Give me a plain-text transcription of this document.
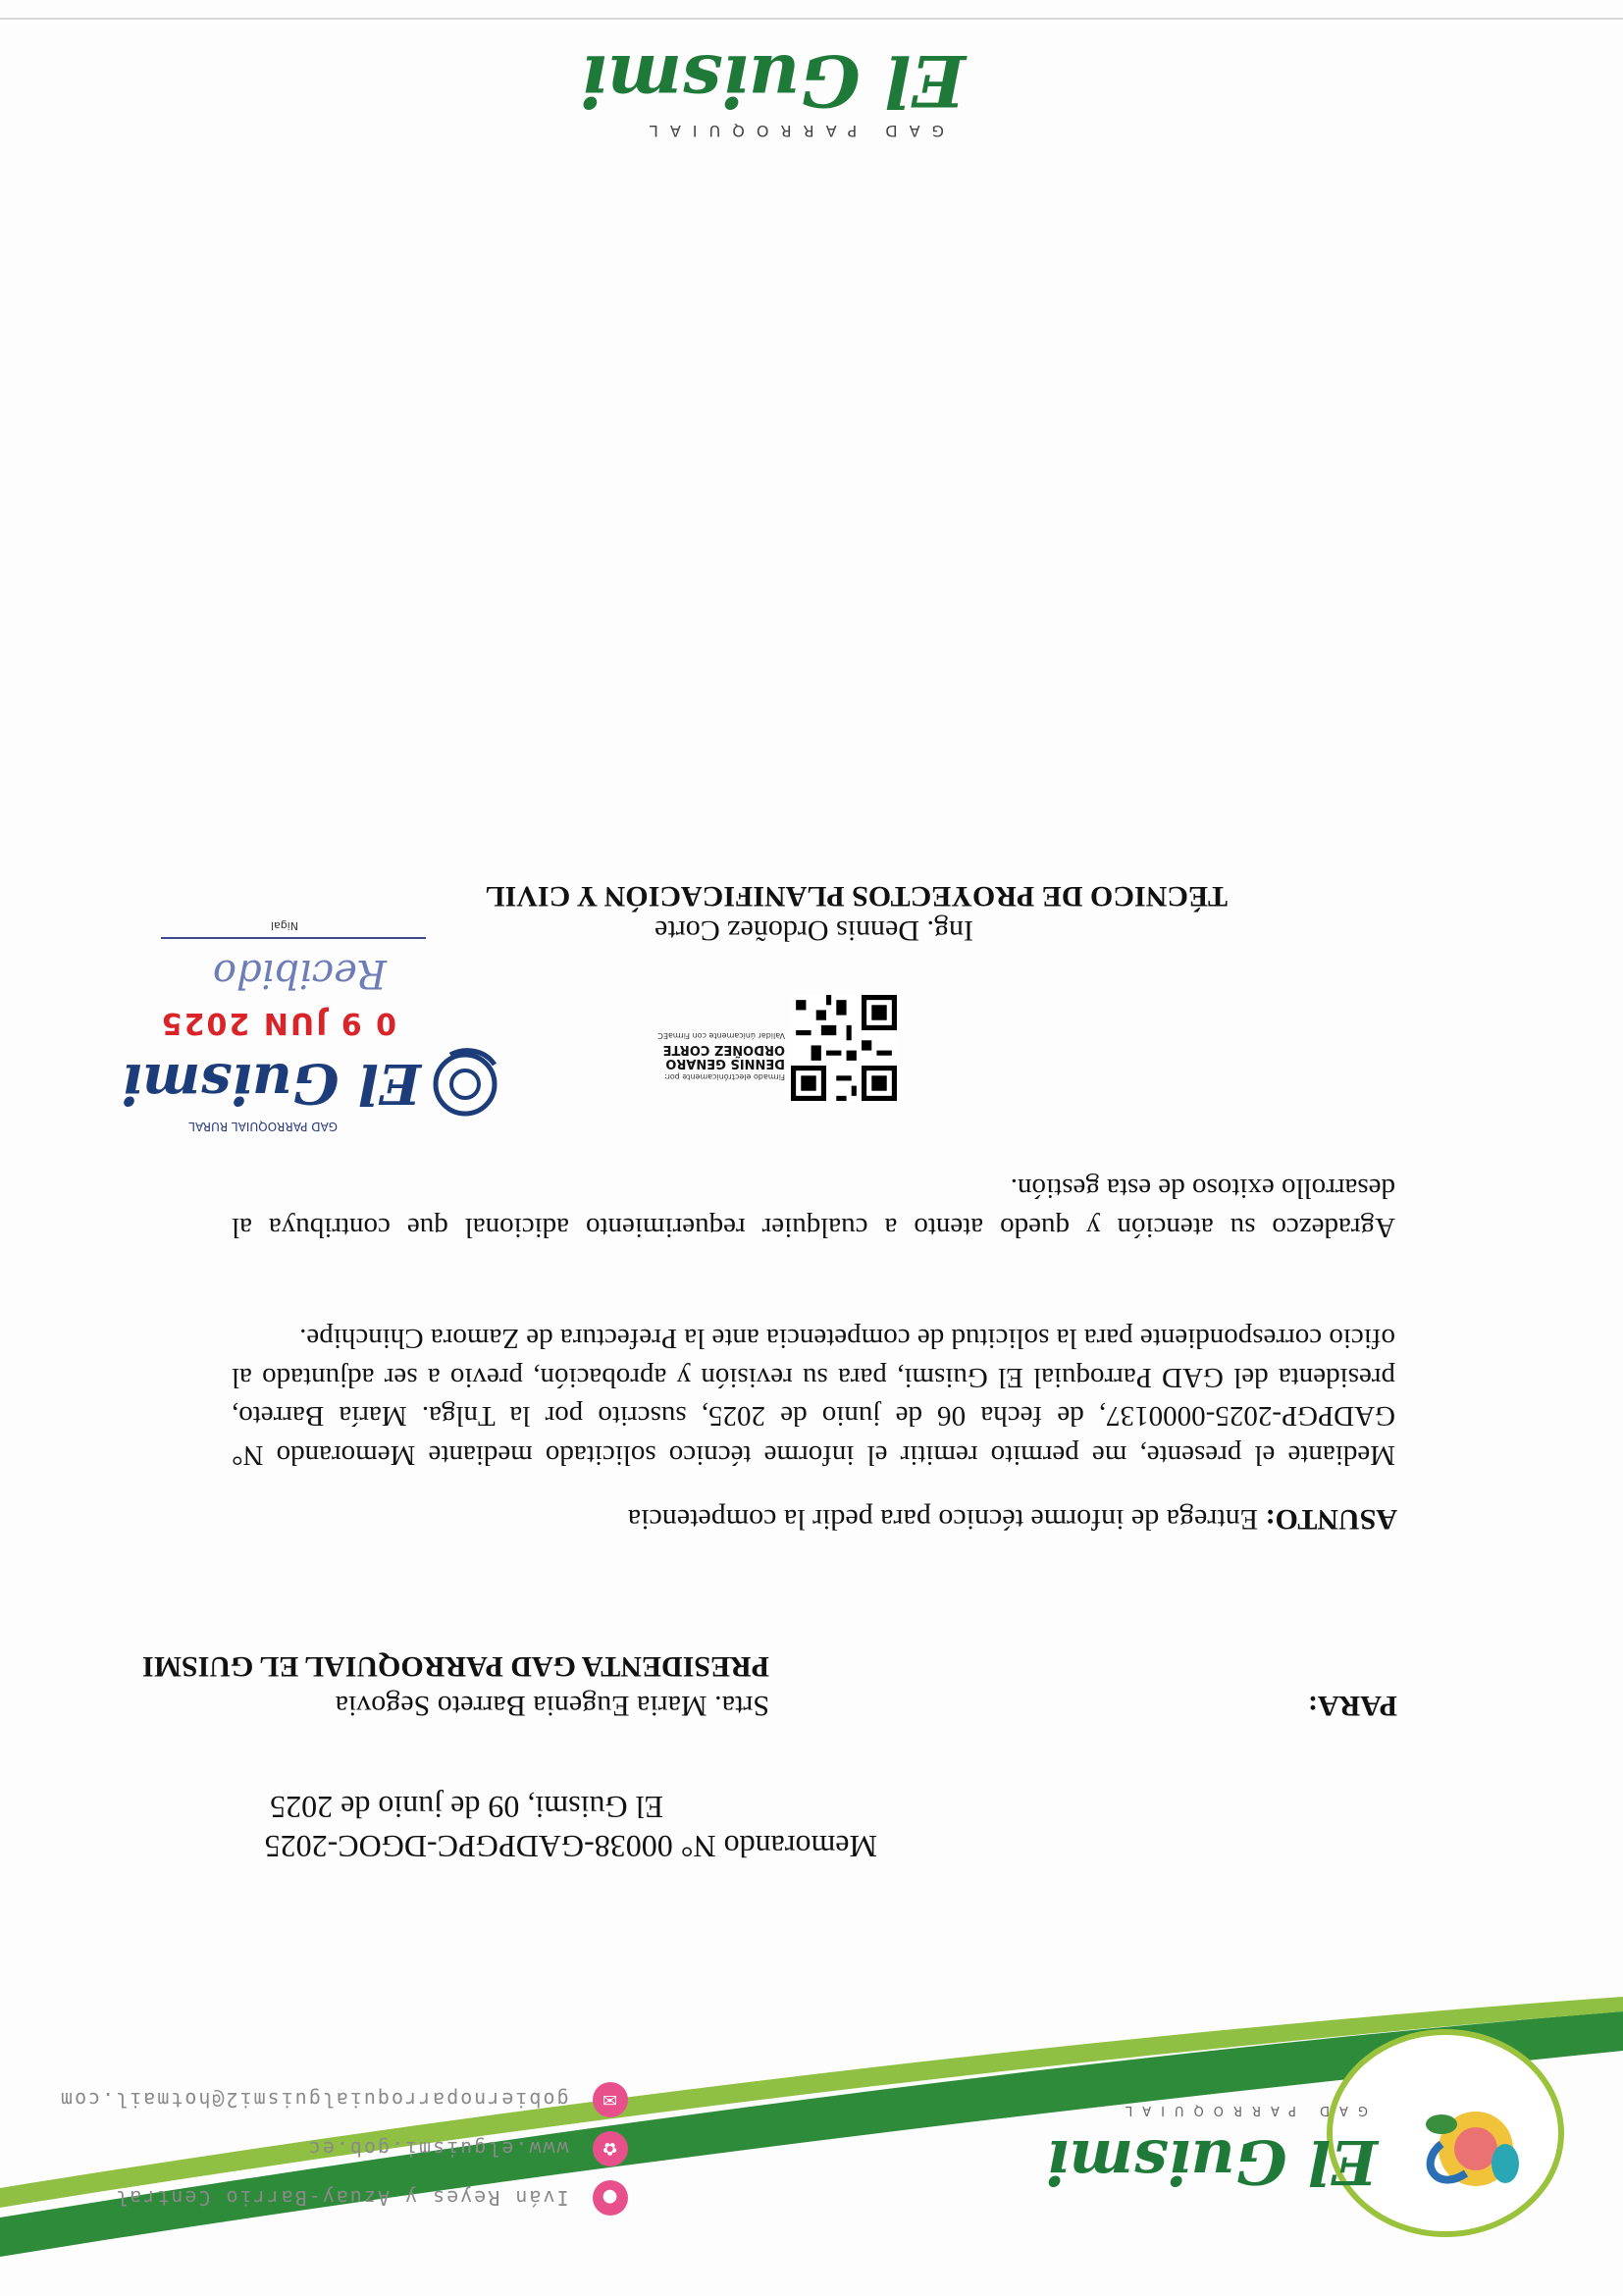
El Guismi
GAD PARROQUIAL
●
Iván Reyes y Azuay-Barrio Central
✿
www.elguismi.gob.ec
✉
gobiernoparroquialguismi2@hotmail.com
Memorando N° 00038-GADPGPC-DGOC-2025
El Guismi, 09 de junio de 2025
PARA:
Srta. Maria Eugenia Barreto Segovia
PRESIDENTA GAD PARROQUIAL EL GUISMI
ASUNTO: Entrega de informe técnico para pedir la competencia
Mediante el presente, me permito remitir el informe técnico solicitado mediante Memorando N° GADPGP-2025-0000137, de fecha 06 de junio de 2025, suscrito por la Tnlga. María Barreto, presidenta del GAD Parroquial El Guismi, para su revisión y aprobación, previo a ser adjuntado al oficio correspondiente para la solicitud de competencia ante la Prefectura de Zamora Chinchipe.
Agradezco su atención y quedo atento a cualquier requerimiento adicional que contribuya al desarrollo exitoso de esta gestión.
Firmado electrónicamente por:
DENNIS GENARO
ORDOÑEZ CORTE
Validar únicamente con FirmaEC
GAD PARROQUIAL RURAL
El Guismi
0 9 JUN 2025
Recibido
Nigal	Ing. Dennis Ordoñez Corte
TÉCNICO DE PROYECTOS PLANIFICACIÓN Y CIVIL
El Guismi
GAD PARROQUIAL
